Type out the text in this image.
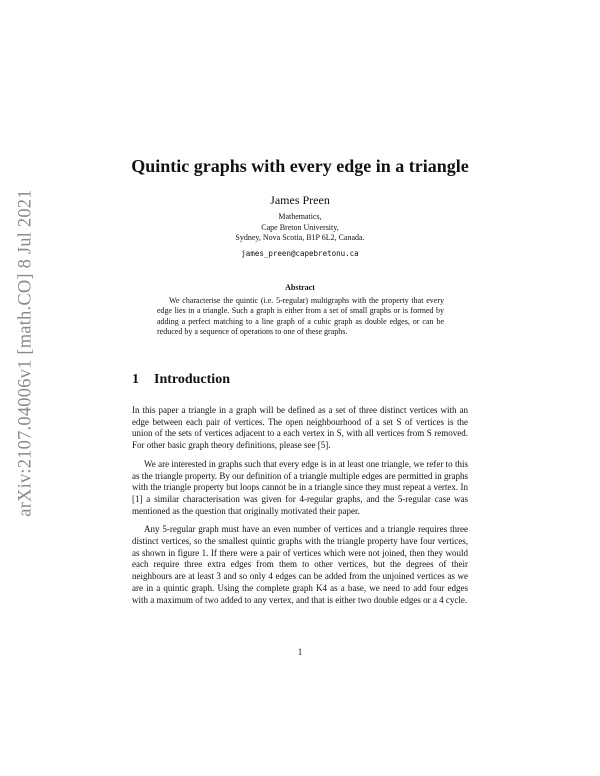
arXiv:2107.04006v1 [math.CO] 8 Jul 2021
Quintic graphs with every edge in a triangle
James Preen
Mathematics,
Cape Breton University,
Sydney, Nova Scotia, B1P 6L2, Canada.
james_preen@capebretonu.ca
Abstract

We characterise the quintic (i.e. 5-regular) multigraphs with the property that every edge lies in a triangle. Such a graph is either from a set of small graphs or is formed by adding a perfect matching to a line graph of a cubic graph as double edges, or can be reduced by a sequence of operations to one of these graphs.

1 Introduction

In this paper a triangle in a graph will be defined as a set of three distinct vertices with an edge between each pair of vertices. The open neighbourhood of a set S of vertices is the union of the sets of vertices adjacent to a each vertex in S, with all vertices from S removed. For other basic graph theory definitions, please see [5].

We are interested in graphs such that every edge is in at least one triangle, we refer to this as the triangle property. By our definition of a triangle multiple edges are permitted in graphs with the triangle property but loops cannot be in a triangle since they must repeat a vertex. In [1] a similar characterisation was given for 4-regular graphs, and the 5-regular case was mentioned as the question that originally motivated their paper.

Any 5-regular graph must have an even number of vertices and a triangle requires three distinct vertices, so the smallest quintic graphs with the triangle property have four vertices, as shown in figure 1. If there were a pair of vertices which were not joined, then they would each require three extra edges from them to other vertices, but the degrees of their neighbours are at least 3 and so only 4 edges can be added from the unjoined vertices as we are in a quintic graph. Using the complete graph K4 as a base, we need to add four edges with a maximum of two added to any vertex, and that is either two double edges or a 4 cycle.

1
